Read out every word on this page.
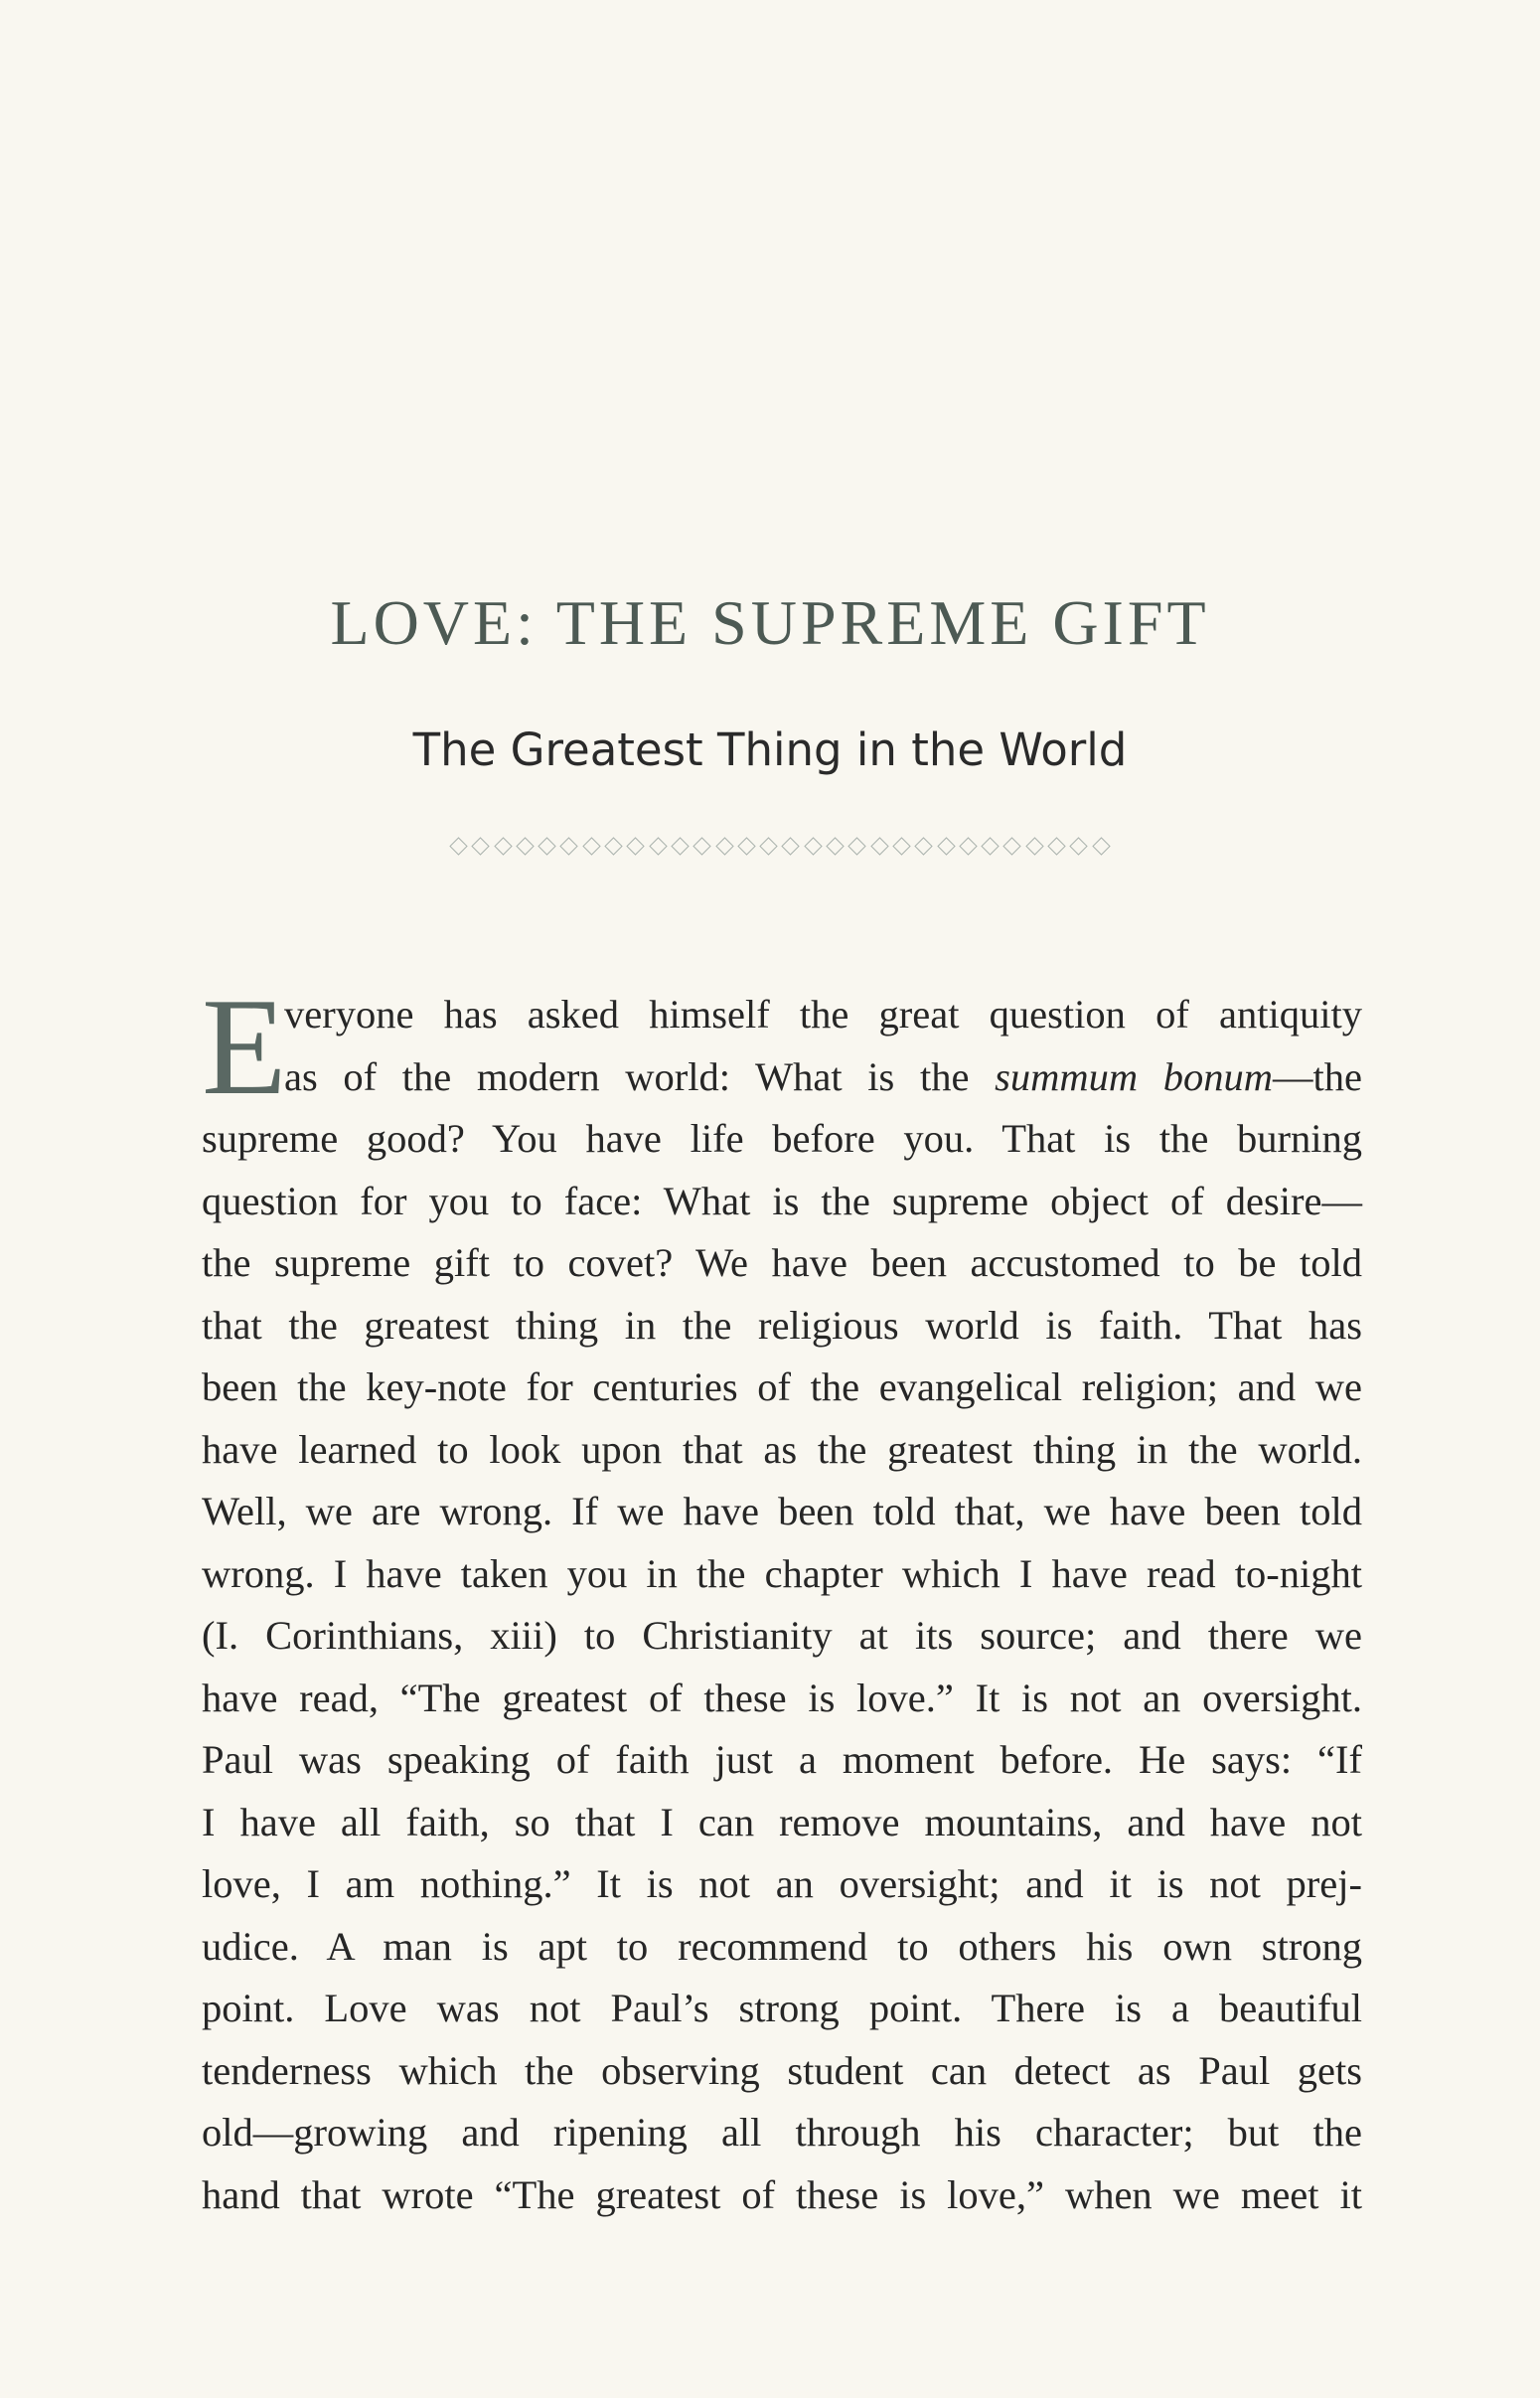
LOVE: THE SUPREME GIFT
The Greatest Thing in the World
E
veryone has asked himself the great question of antiquity
as of the modern world: What is the summum bonum—the
supreme good? You have life before you. That is the burning
question for you to face: What is the supreme object of desire—
the supreme gift to covet? We have been accustomed to be told
that the greatest thing in the religious world is faith. That has
been the key-note for centuries of the evangelical religion; and we
have learned to look upon that as the greatest thing in the world.
Well, we are wrong. If we have been told that, we have been told
wrong. I have taken you in the chapter which I have read to-night
(I. Corinthians, xiii) to Christianity at its source; and there we
have read, “The greatest of these is love.” It is not an oversight.
Paul was speaking of faith just a moment before. He says: “If
I have all faith, so that I can remove mountains, and have not
love, I am nothing.” It is not an oversight; and it is not prej-
udice. A man is apt to recommend to others his own strong
point. Love was not Paul’s strong point. There is a beautiful
tenderness which the observing student can detect as Paul gets
old—growing and ripening all through his character; but the
hand that wrote “The greatest of these is love,” when we meet it
